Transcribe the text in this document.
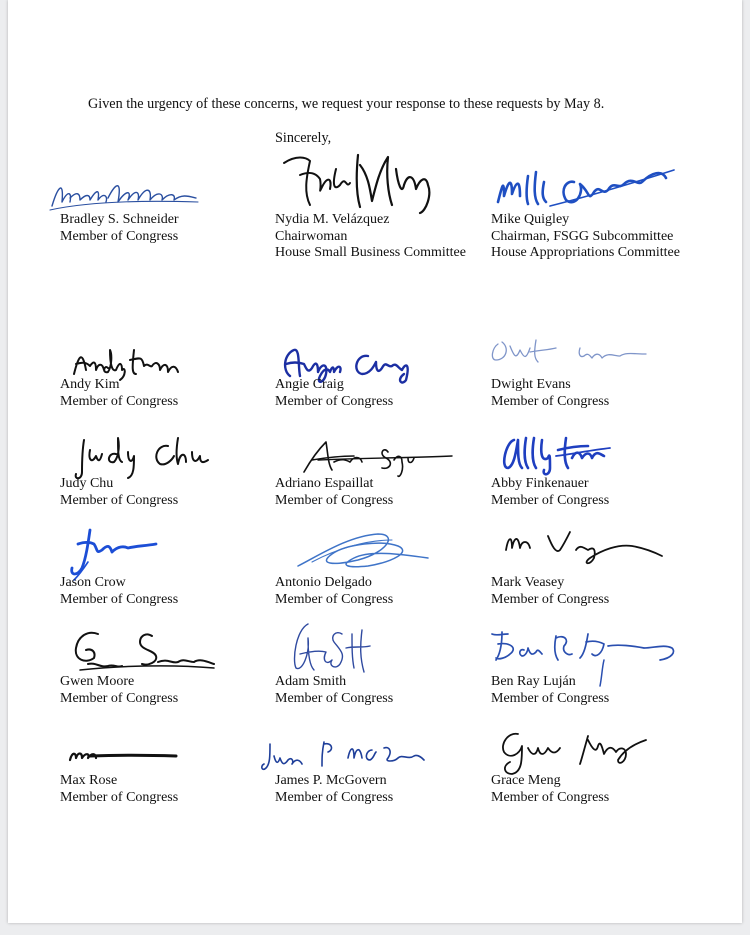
Given the urgency of these concerns, we request your response to these requests by May 8.
Sincerely,
Bradley S. Schneider
Member of Congress
Nydia M. Velázquez
Chairwoman
House Small Business Committee
Mike Quigley
Chairman, FSGG Subcommittee
House Appropriations Committee
Andy Kim
Member of Congress
Angie Craig
Member of Congress
Dwight Evans
Member of Congress
Judy Chu
Member of Congress
Adriano Espaillat
Member of Congress
Abby Finkenauer
Member of Congress
Jason Crow
Member of Congress
Antonio Delgado
Member of Congress
Mark Veasey
Member of Congress
Gwen Moore
Member of Congress
Adam Smith
Member of Congress
Ben Ray Luján
Member of Congress
Max Rose
Member of Congress
James P. McGovern
Member of Congress
Grace Meng
Member of Congress
